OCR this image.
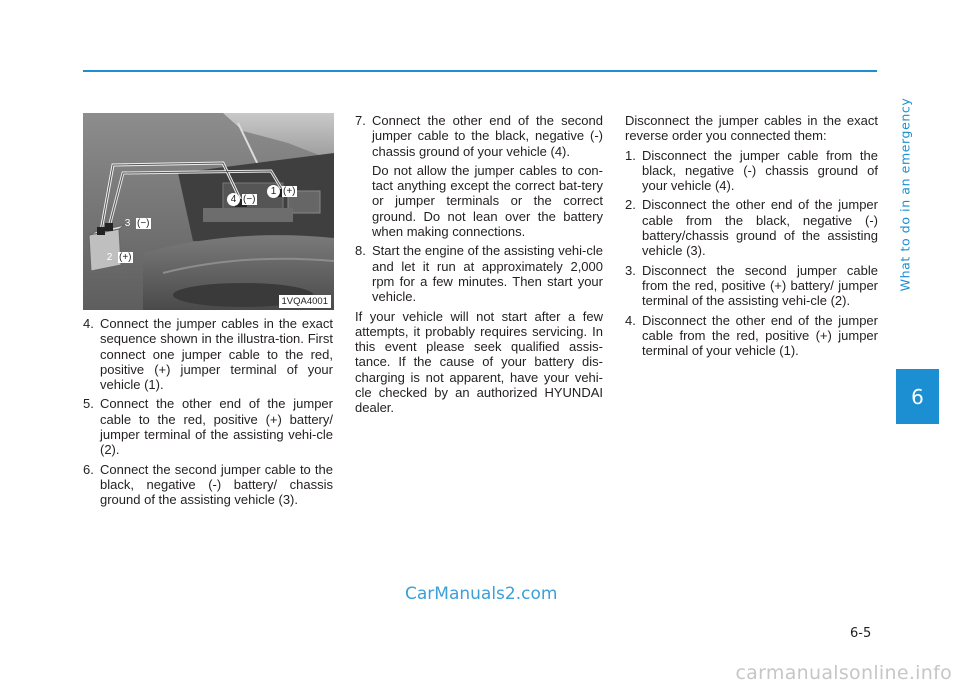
What to do in an emergency
6
1 (+)
4 (−)
3 (−)
2 (+)
1VQA4001
4. Connect the jumper cables in the exact sequence shown in the illustra-tion. First connect one jumper cable to the red, positive (+) jumper terminal of your vehicle (1).
5. Connect the other end of the jumper cable to the red, positive (+) battery/ jumper terminal of the assisting vehi-cle (2).
6. Connect the second jumper cable to the black, negative (-) battery/ chassis ground of the assisting vehicle (3).
7. Connect the other end of the second jumper cable to the black, negative (-) chassis ground of your vehicle (4).
Do not allow the jumper cables to con-tact anything except the correct bat-tery or jumper terminals or the correct ground. Do not lean over the battery when making connections.
8. Start the engine of the assisting vehi-cle and let it run at approximately 2,000 rpm for a few minutes. Then start your vehicle.
If your vehicle will not start after a few attempts, it probably requires servicing. In this event please seek qualified assis-tance. If the cause of your battery dis-charging is not apparent, have your vehi-cle checked by an authorized HYUNDAI dealer.
Disconnect the jumper cables in the exact reverse order you connected them:
1. Disconnect the jumper cable from the black, negative (-) chassis ground of your vehicle (4).
2. Disconnect the other end of the jumper cable from the black, negative (-) battery/chassis ground of the assisting vehicle (3).
3. Disconnect the second jumper cable from the red, positive (+) battery/ jumper terminal of the assisting vehi-cle (2).
4. Disconnect the other end of the jumper cable from the red, positive (+) jumper terminal of your vehicle (1).
6-5
CarManuals2.com
carmanualsonline.info
